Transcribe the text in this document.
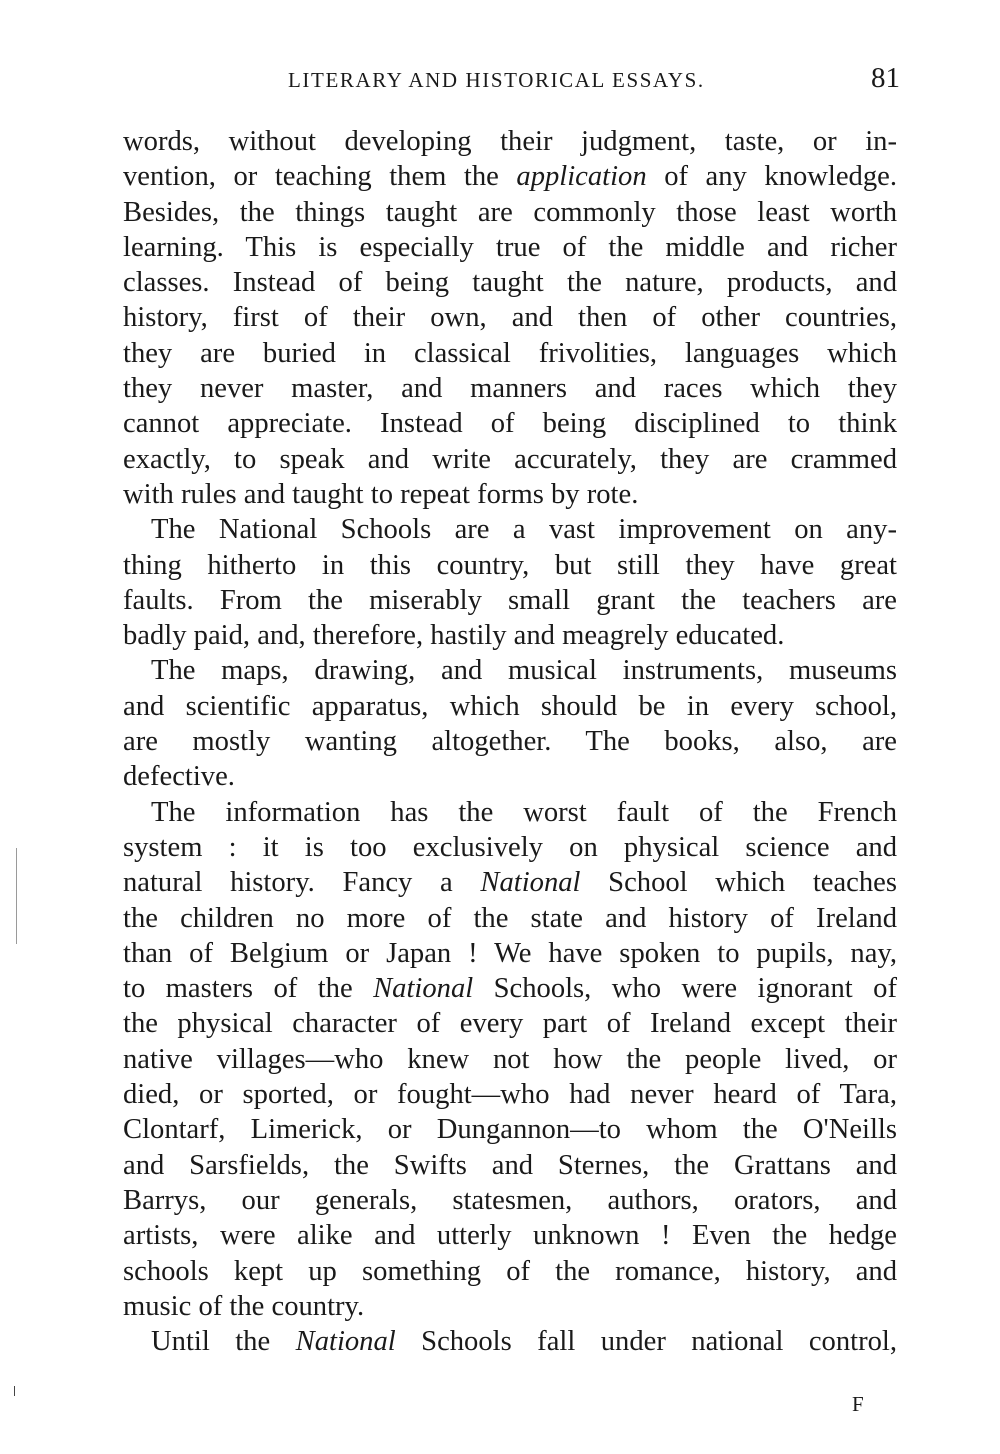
LITERARY AND HISTORICAL ESSAYS.	81
words, without developing their judgment, taste, or in-
vention, or teaching them the application of any knowledge.
Besides, the things taught are commonly those least worth
learning. This is especially true of the middle and richer
classes. Instead of being taught the nature, products, and
history, first of their own, and then of other countries,
they are buried in classical frivolities, languages which
they never master, and manners and races which they
cannot appreciate. Instead of being disciplined to think
exactly, to speak and write accurately, they are crammed
with rules and taught to repeat forms by rote.
The National Schools are a vast improvement on any-
thing hitherto in this country, but still they have great
faults. From the miserably small grant the teachers are
badly paid, and, therefore, hastily and meagrely educated.
The maps, drawing, and musical instruments, museums
and scientific apparatus, which should be in every school,
are mostly wanting altogether. The books, also, are
defective.
The information has the worst fault of the French
system : it is too exclusively on physical science and
natural history. Fancy a National School which teaches
the children no more of the state and history of Ireland
than of Belgium or Japan ! We have spoken to pupils, nay,
to masters of the National Schools, who were ignorant of
the physical character of every part of Ireland except their
native villages—who knew not how the people lived, or
died, or sported, or fought—who had never heard of Tara,
Clontarf, Limerick, or Dungannon—to whom the O'Neills
and Sarsfields, the Swifts and Sternes, the Grattans and
Barrys, our generals, statesmen, authors, orators, and
artists, were alike and utterly unknown ! Even the hedge
schools kept up something of the romance, history, and
music of the country.
Until the National Schools fall under national control,
F
